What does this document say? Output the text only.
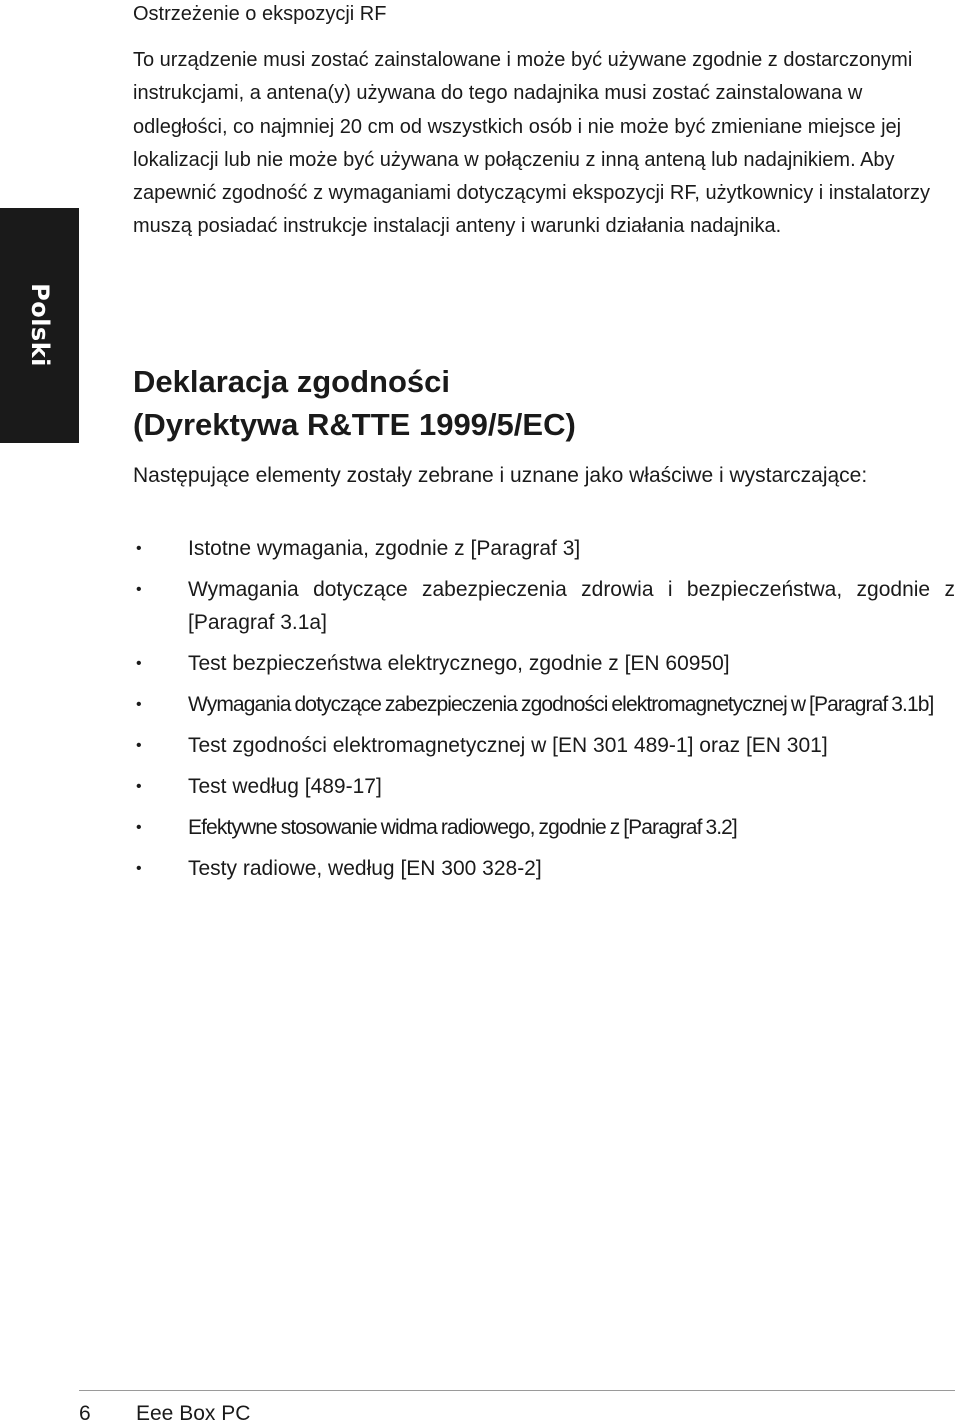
Polski
Ostrzeżenie o ekspozycji RF

To urządzenie musi zostać zainstalowane i może być używane zgodnie z dostarczonymi instrukcjami, a antena(y) używana do tego nadajnika musi zostać zainstalowana w odległości, co najmniej 20 cm od wszystkich osób i nie może być zmieniane miejsce jej lokalizacji lub nie może być używana w połączeniu z inną anteną lub nadajnikiem. Aby zapewnić zgodność z wymaganiami dotyczącymi ekspozycji RF, użytkownicy i instalatorzy muszą posiadać instrukcje instalacji anteny i warunki działania nadajnika.

Deklaracja zgodności
(Dyrektywa R&TTE 1999/5/EC)

Następujące elementy zostały zebrane i uznane jako właściwe i wystarczające:

• Istotne wymagania, zgodnie z [Paragraf 3]
• Wymagania dotyczące zabezpieczenia zdrowia i bezpieczeństwa, zgodnie z [Paragraf 3.1a]
• Test bezpieczeństwa elektrycznego, zgodnie z [EN 60950]
• Wymagania dotyczące zabezpieczenia zgodności elektromagnetycznej w [Paragraf 3.1b]
• Test zgodności elektromagnetycznej w [EN 301 489-1] oraz [EN 301]
• Test według [489-17]
• Efektywne stosowanie widma radiowego, zgodnie z [Paragraf 3.2]
• Testy radiowe, według [EN 300 328-2]
6 Eee Box PC
